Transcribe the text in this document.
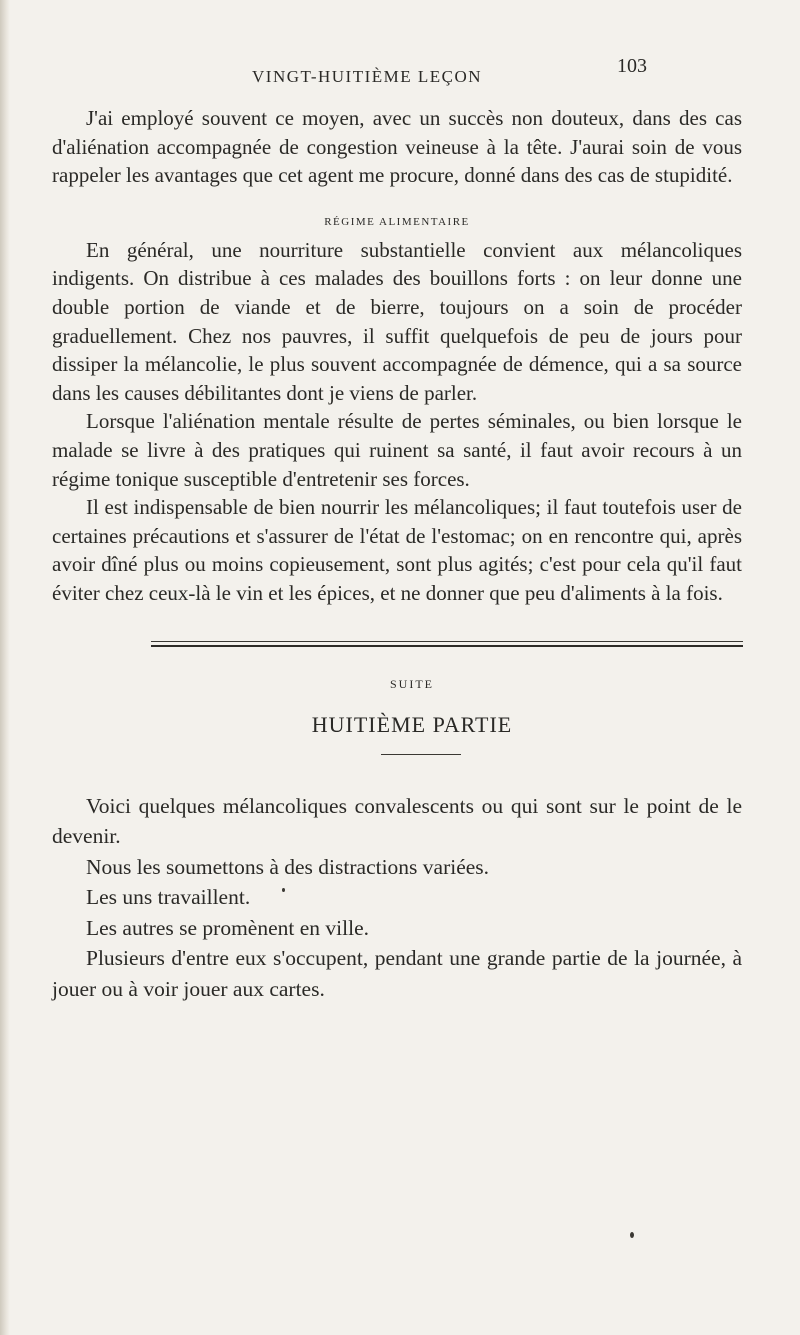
VINGT-HUITIÈME LEÇON	103

J'ai employé souvent ce moyen, avec un succès non douteux, dans des cas d'aliénation accompagnée de congestion veineuse à la tête. J'aurai soin de vous rappeler les avantages que cet agent me procure, donné dans des cas de stupidité.

RÉGIME ALIMENTAIRE

En général, une nourriture substantielle convient aux mélancoliques indigents. On distribue à ces malades des bouillons forts : on leur donne une double portion de viande et de bierre, toujours on a soin de procéder graduellement. Chez nos pauvres, il suffit quelquefois de peu de jours pour dissiper la mélancolie, le plus souvent accompagnée de démence, qui a sa source dans les causes débilitantes dont je viens de parler.

Lorsque l'aliénation mentale résulte de pertes séminales, ou bien lorsque le malade se livre à des pratiques qui ruinent sa santé, il faut avoir recours à un régime tonique susceptible d'entretenir ses forces.

Il est indispensable de bien nourrir les mélancoliques; il faut toutefois user de certaines précautions et s'assurer de l'état de l'estomac; on en rencontre qui, après avoir dîné plus ou moins copieusement, sont plus agités; c'est pour cela qu'il faut éviter chez ceux-là le vin et les épices, et ne donner que peu d'aliments à la fois.

SUITE
HUITIÈME PARTIE

Voici quelques mélancoliques convalescents ou qui sont sur le point de le devenir.

Nous les soumettons à des distractions variées.

Les uns travaillent.

Les autres se promènent en ville.

Plusieurs d'entre eux s'occupent, pendant une grande partie de la journée, à jouer ou à voir jouer aux cartes.
